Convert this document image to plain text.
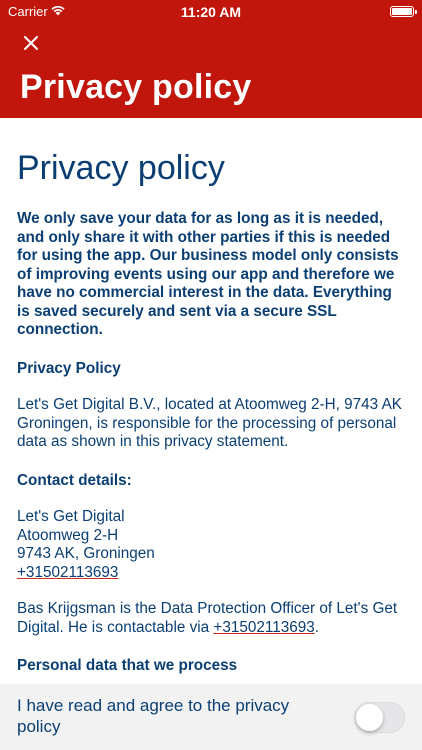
Carrier	11:20 AM
Privacy policy
Privacy policy

We only save your data for as long as it is needed, and only share it with other parties if this is needed for using the app. Our business model only consists of improving events using our app and therefore we have no commercial interest in the data. Everything is saved securely and sent via a secure SSL connection.

Privacy Policy

Let's Get Digital B.V., located at Atoomweg 2-H, 9743 AK Groningen, is responsible for the processing of personal data as shown in this privacy statement.

Contact details:

Let's Get Digital
Atoomweg 2-H
9743 AK, Groningen
+31502113693

Bas Krijgsman is the Data Protection Officer of Let's Get Digital. He is contactable via +31502113693.

Personal data that we process
I have read and agree to the privacy policy
